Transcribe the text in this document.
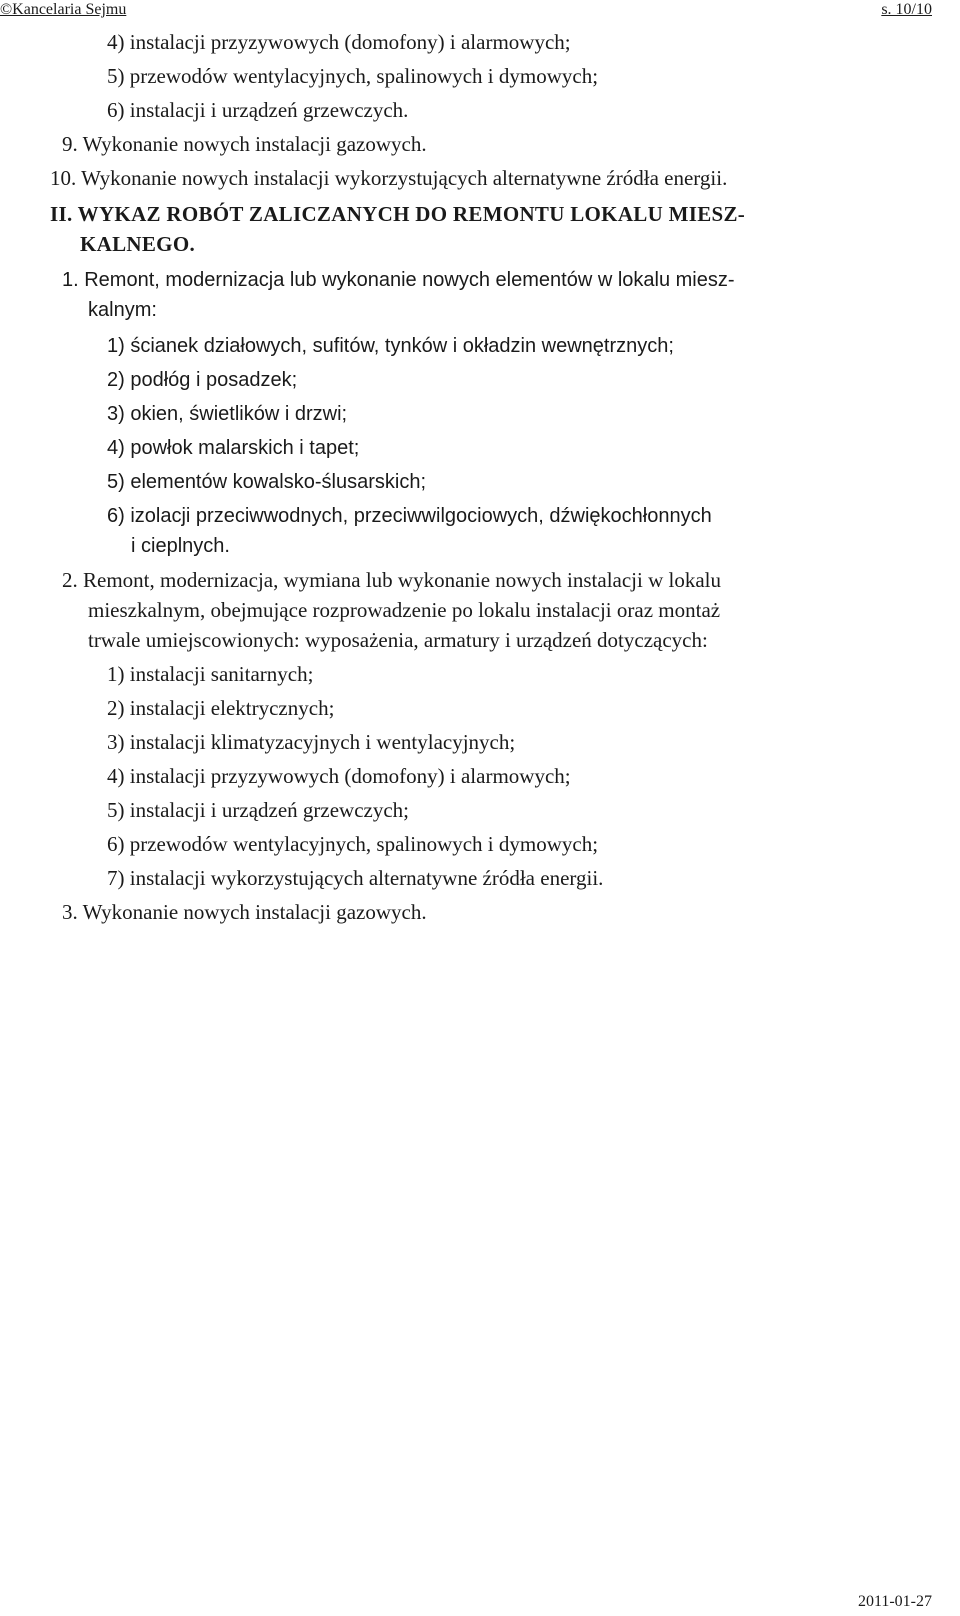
©Kancelaria Sejmu	s. 10/10
4) instalacji przyzywowych (domofony) i alarmowych;
5) przewodów wentylacyjnych, spalinowych i dymowych;
6) instalacji i urządzeń grzewczych.
9. Wykonanie nowych instalacji gazowych.
10. Wykonanie nowych instalacji wykorzystujących alternatywne źródła energii.
II. WYKAZ ROBÓT ZALICZANYCH DO REMONTU LOKALU MIESZ-
KALNEGO.
1. Remont, modernizacja lub wykonanie nowych elementów w lokalu miesz-
kalnym:
1) ścianek działowych, sufitów, tynków i okładzin wewnętrznych;
2) podłóg i posadzek;
3) okien, świetlików i drzwi;
4) powłok malarskich i tapet;
5) elementów kowalsko-ślusarskich;
6) izolacji przeciwwodnych, przeciwwilgociowych, dźwiękochłonnych
i cieplnych.
2. Remont, modernizacja, wymiana lub wykonanie nowych instalacji w lokalu
mieszkalnym, obejmujące rozprowadzenie po lokalu instalacji oraz montaż
trwale umiejscowionych: wyposażenia, armatury i urządzeń dotyczących:
1) instalacji sanitarnych;
2) instalacji elektrycznych;
3) instalacji klimatyzacyjnych i wentylacyjnych;
4) instalacji przyzywowych (domofony) i alarmowych;
5) instalacji i urządzeń grzewczych;
6) przewodów wentylacyjnych, spalinowych i dymowych;
7) instalacji wykorzystujących alternatywne źródła energii.
3. Wykonanie nowych instalacji gazowych.
2011-01-27
